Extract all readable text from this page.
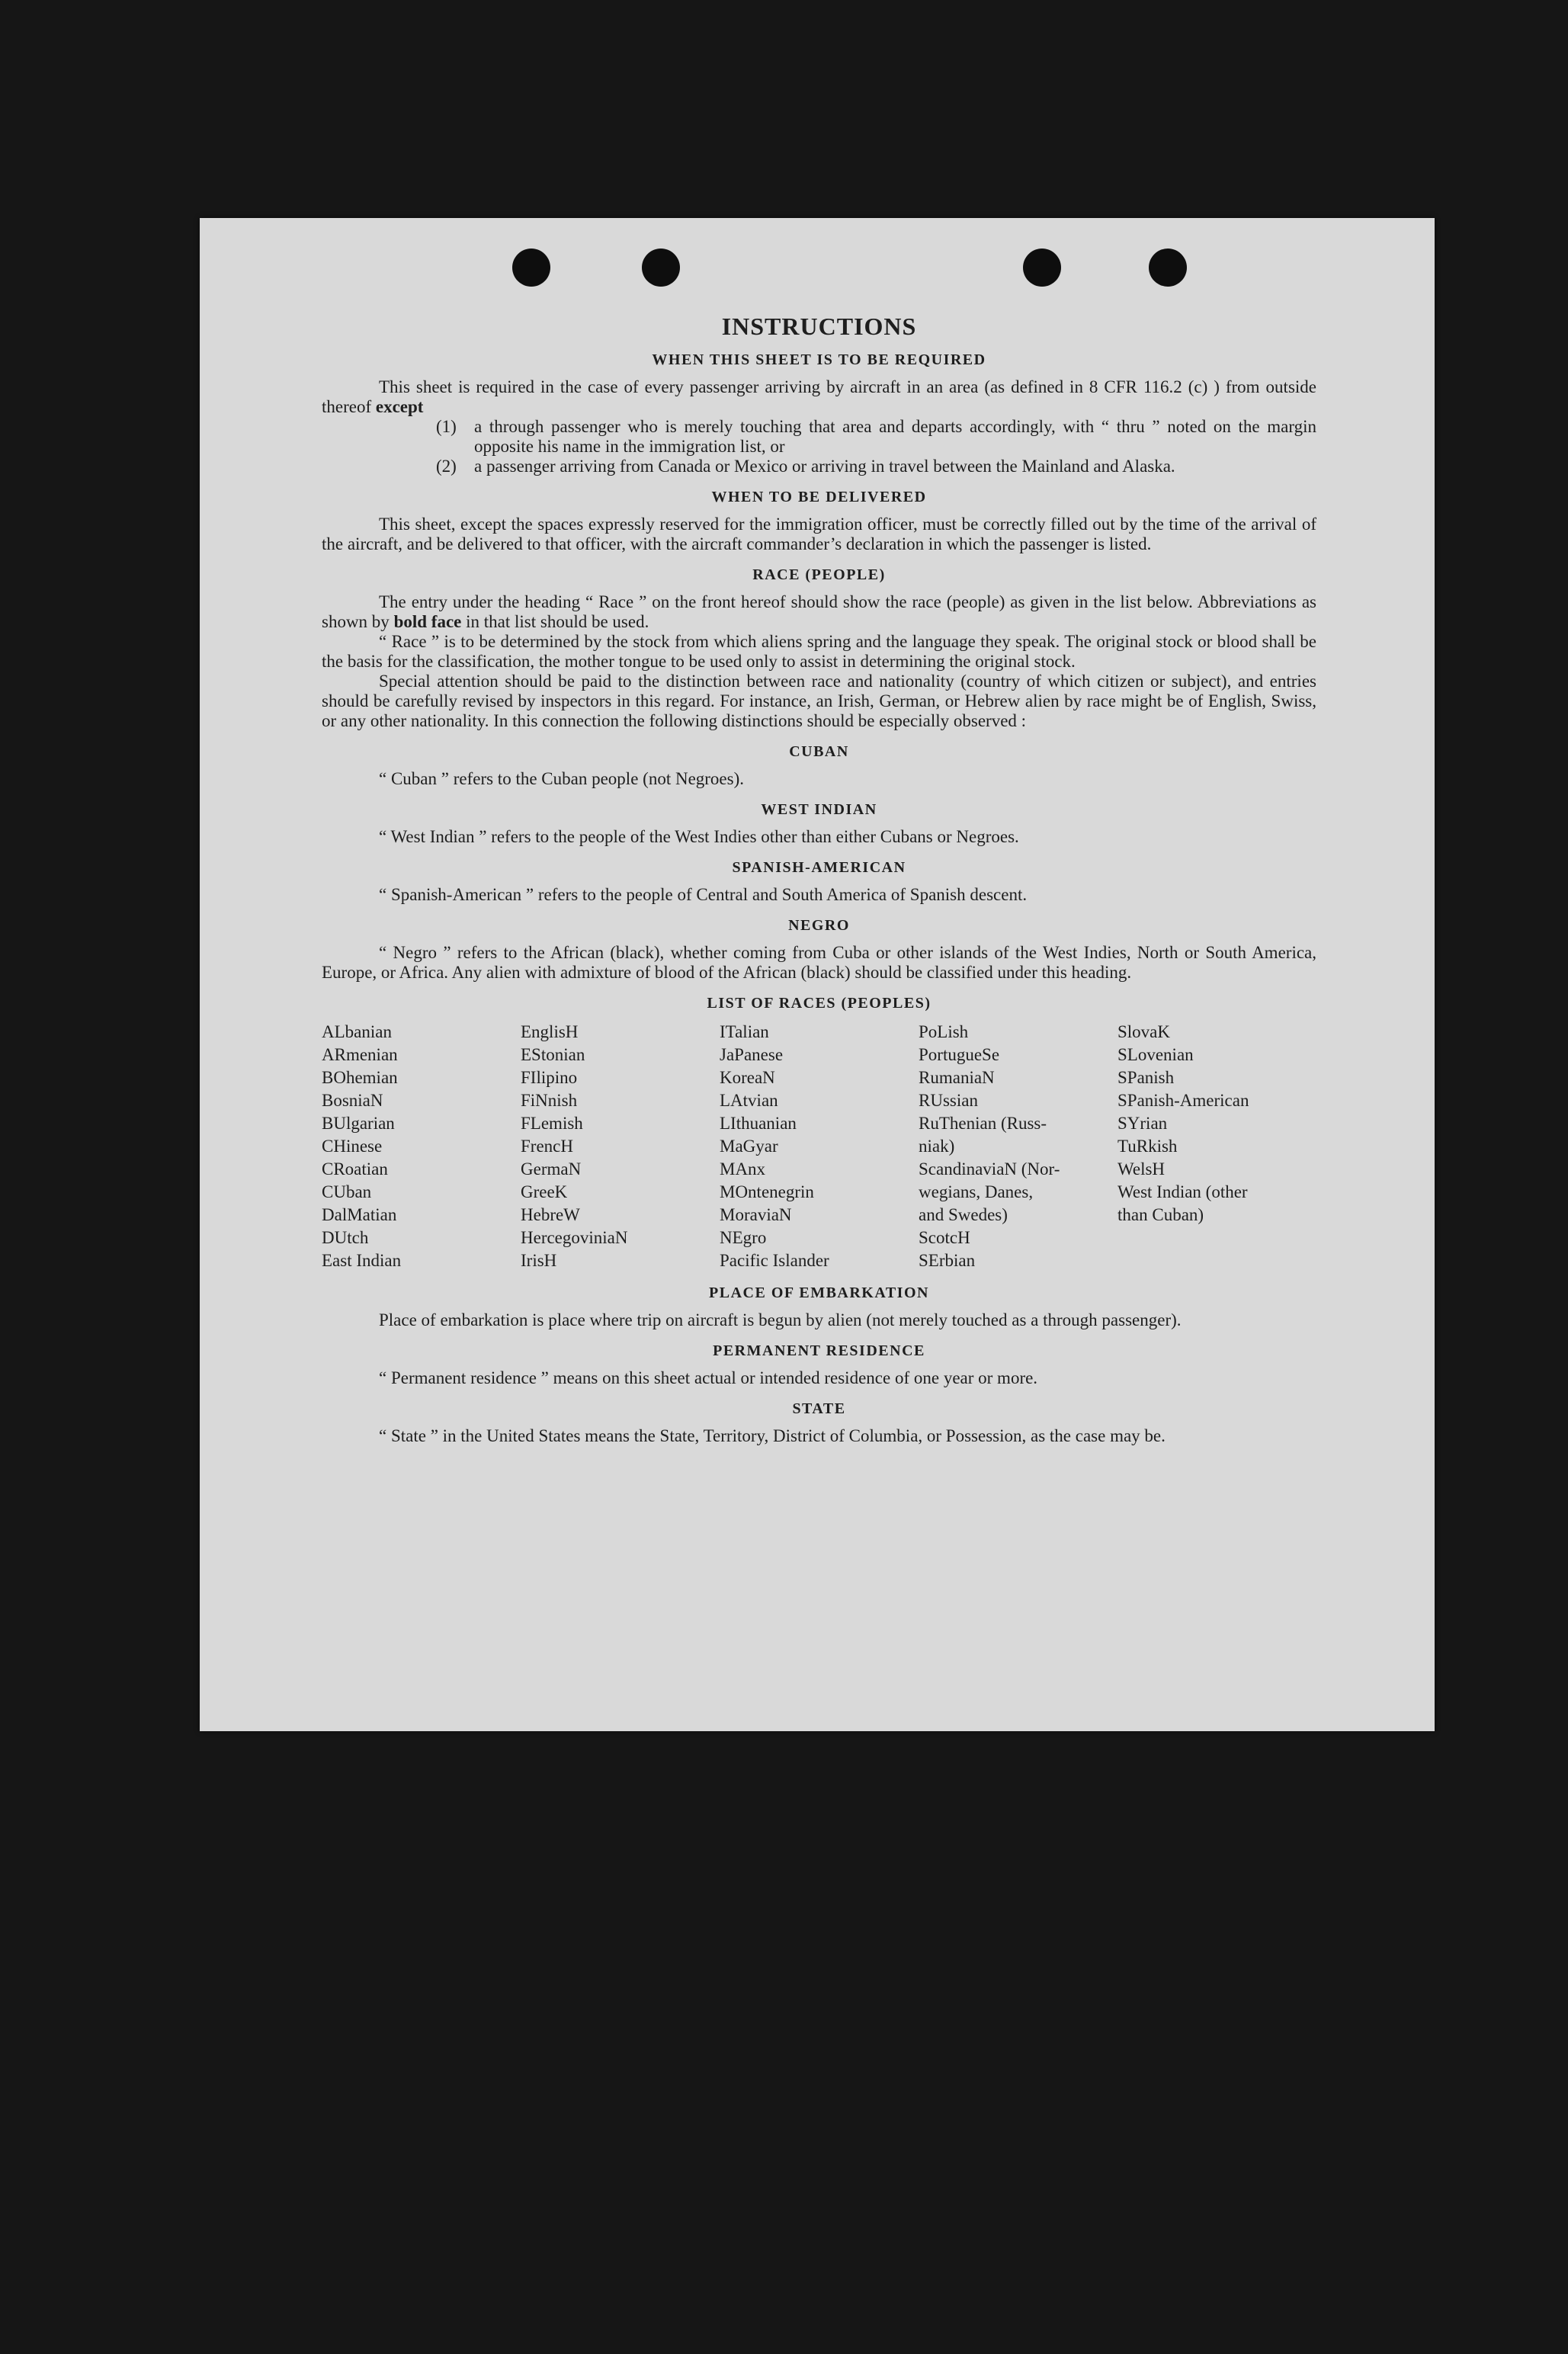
INSTRUCTIONS
WHEN THIS SHEET IS TO BE REQUIRED

This sheet is required in the case of every passenger arriving by aircraft in an area (as defined in 8 CFR 116.2 (c) ) from outside thereof except

(1)	a through passenger who is merely touching that area and departs accordingly, with “ thru ” noted on the margin opposite his name in the immigration list, or

(2)	a passenger arriving from Canada or Mexico or arriving in travel between the Mainland and Alaska.

WHEN TO BE DELIVERED

This sheet, except the spaces expressly reserved for the immigration officer, must be correctly filled out by the time of the arrival of the aircraft, and be delivered to that officer, with the aircraft commander’s declaration in which the passenger is listed.

RACE (PEOPLE)

The entry under the heading “ Race ” on the front hereof should show the race (people) as given in the list below. Abbreviations as shown by bold face in that list should be used.

“ Race ” is to be determined by the stock from which aliens spring and the language they speak. The original stock or blood shall be the basis for the classification, the mother tongue to be used only to assist in determining the original stock.

Special attention should be paid to the distinction between race and nationality (country of which citizen or subject), and entries should be carefully revised by inspectors in this regard. For instance, an Irish, German, or Hebrew alien by race might be of English, Swiss, or any other nationality. In this connection the following distinctions should be especially observed :

CUBAN

“ Cuban ” refers to the Cuban people (not Negroes).

WEST INDIAN

“ West Indian ” refers to the people of the West Indies other than either Cubans or Negroes.

SPANISH-AMERICAN

“ Spanish-American ” refers to the people of Central and South America of Spanish descent.

NEGRO

“ Negro ” refers to the African (black), whether coming from Cuba or other islands of the West Indies, North or South America, Europe, or Africa. Any alien with admixture of blood of the African (black) should be classified under this heading.

LIST OF RACES (PEOPLES)
ALbanian
ARmenian
BOhemian
BosniaN
BUlgarian
CHinese
CRoatian
CUban
DalMatian
DUtch
East Indian
EnglisH
EStonian
FIlipino
FiNnish
FLemish
FrencH
GermaN
GreeK
HebreW
HercegoviniaN
IrisH
ITalian
JaPanese
KoreaN
LAtvian
LIthuanian
MaGyar
MAnx
MOntenegrin
MoraviaN
NEgro
Pacific Islander
PoLish
PortugueSe
RumaniaN
RUssian
RuThenian (Russ-
niak)
ScandinaviaN (Nor-
wegians, Danes,
and Swedes)
ScotcH
SErbian
SlovaK
SLovenian
SPanish
SPanish-American
SYrian
TuRkish
WelsH
West Indian (other
than Cuban)
PLACE OF EMBARKATION

Place of embarkation is place where trip on aircraft is begun by alien (not merely touched as a through passenger).

PERMANENT RESIDENCE

“ Permanent residence ” means on this sheet actual or intended residence of one year or more.

STATE

“ State ” in the United States means the State, Territory, District of Columbia, or Possession, as the case may be.
